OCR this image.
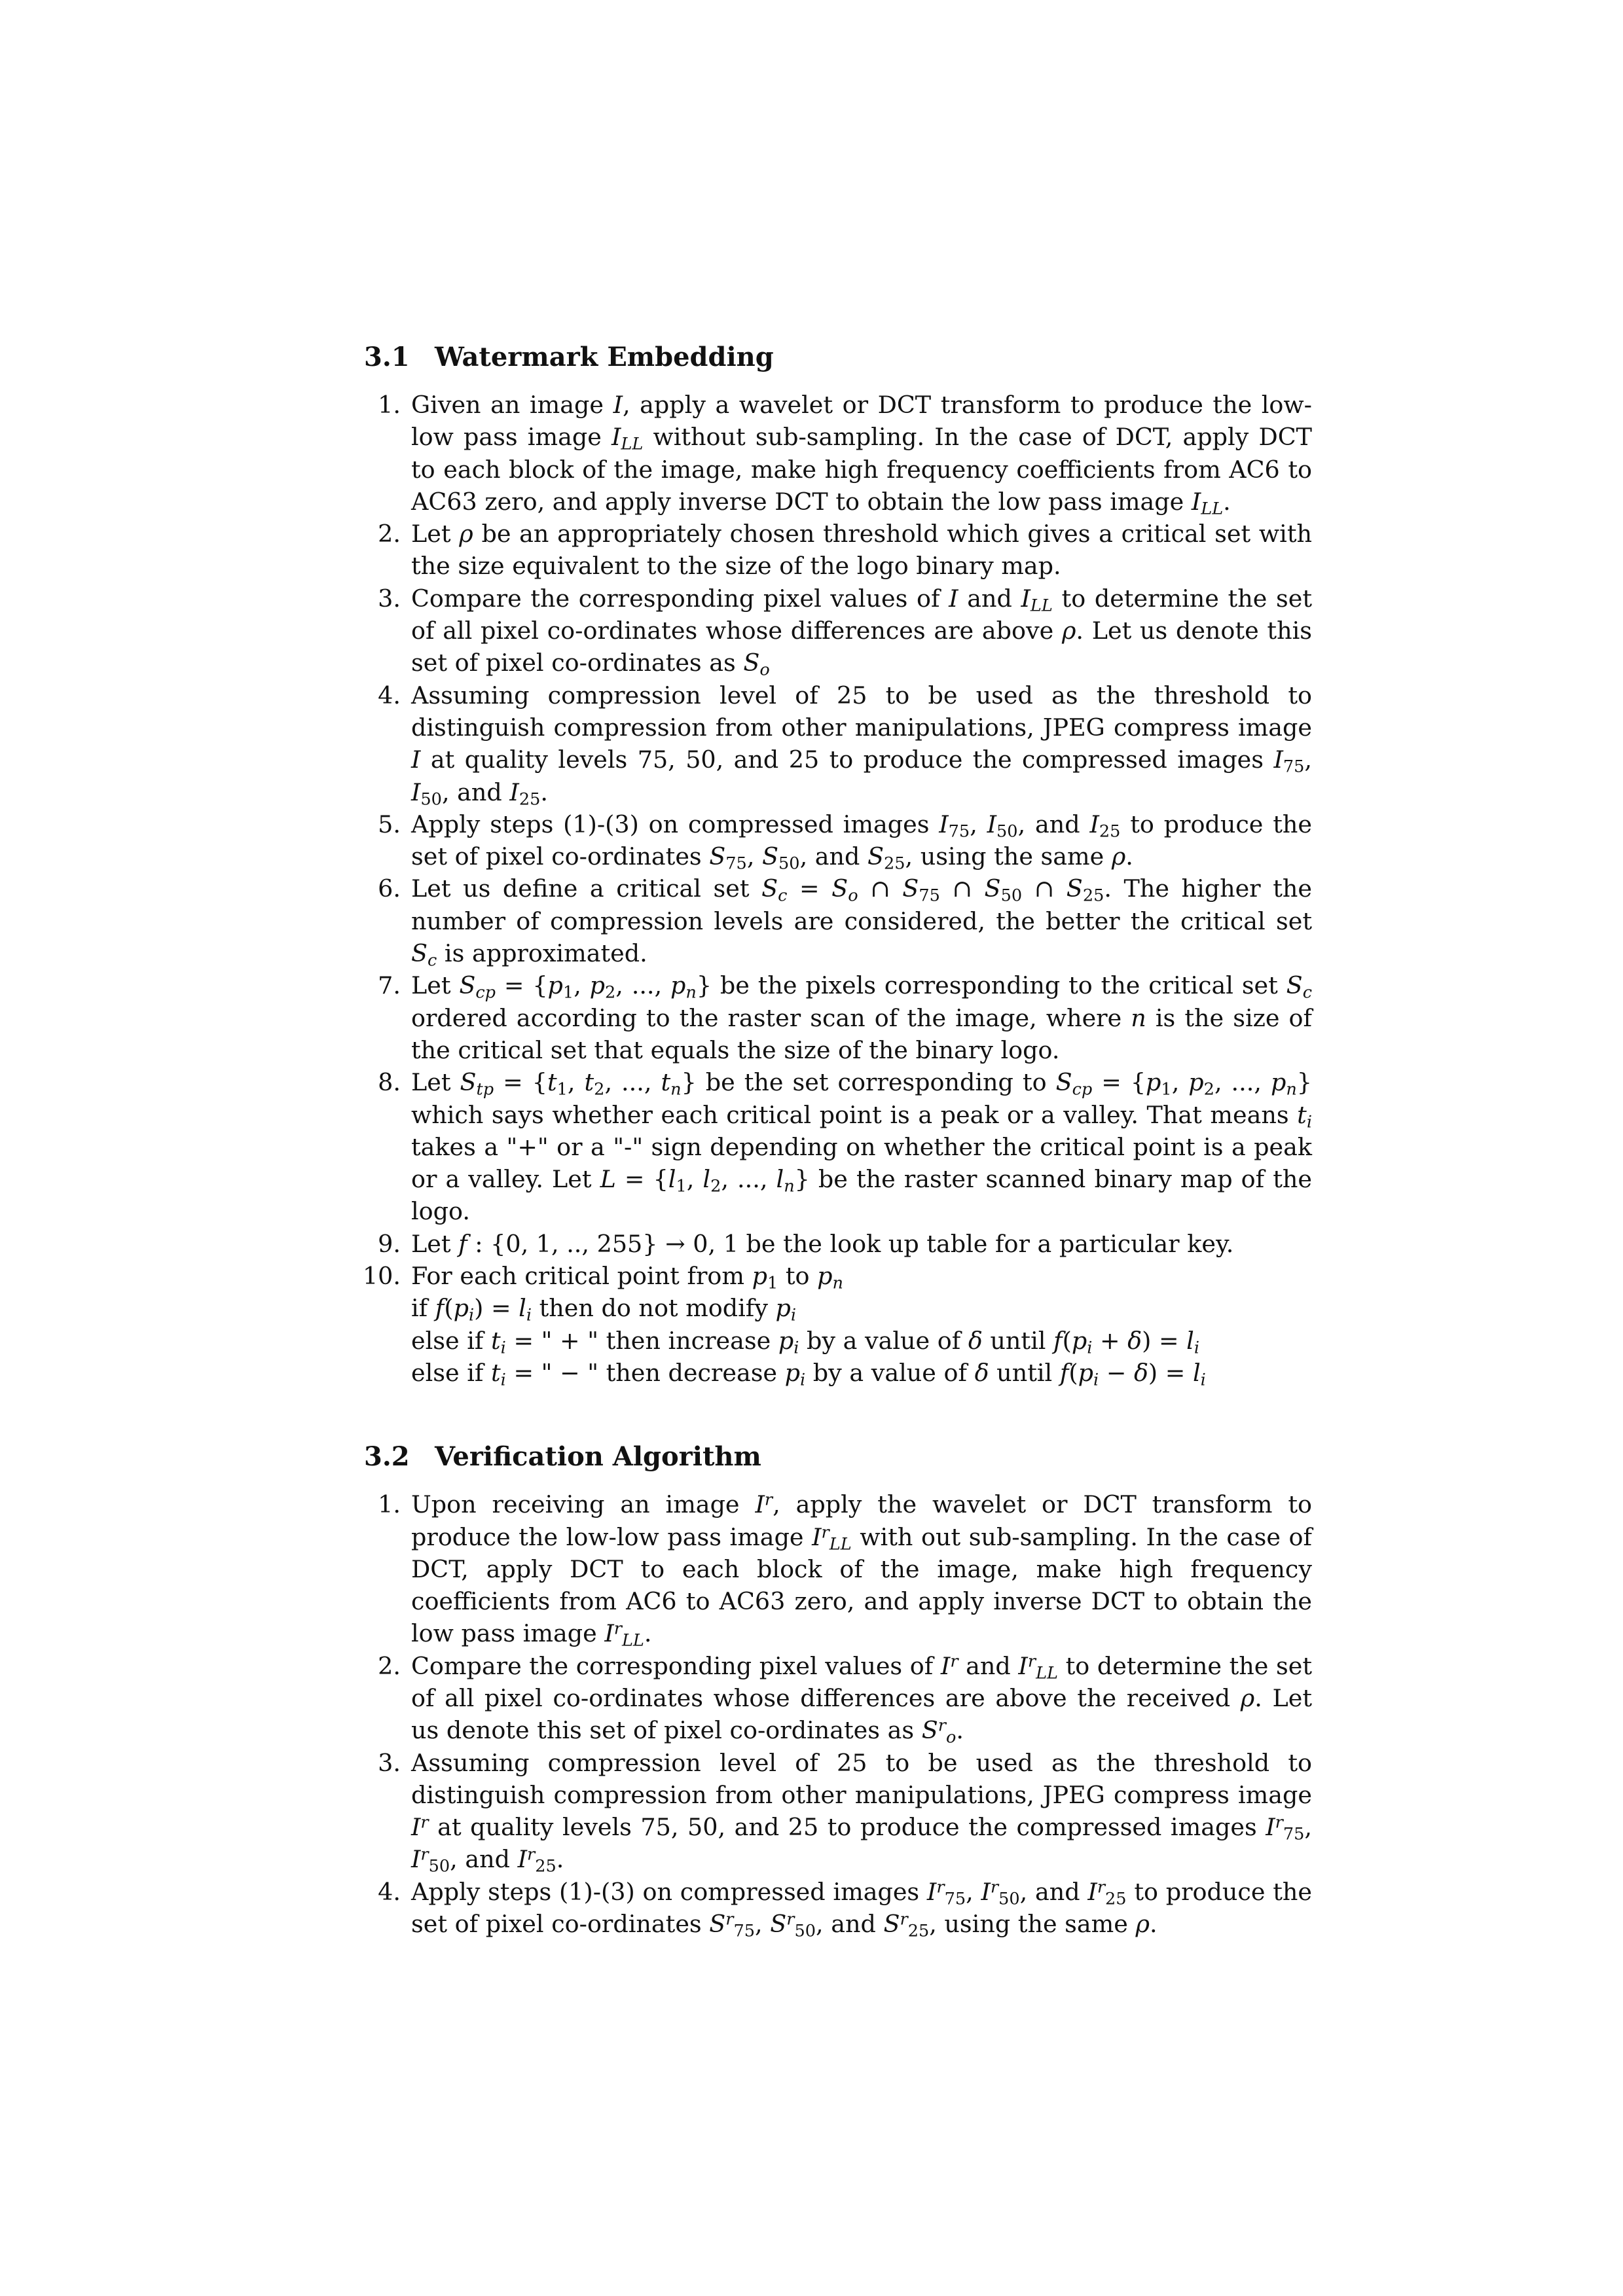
3.1 Watermark Embedding
1. Given an image I, apply a wavelet or DCT transform to produce the low-low pass image $I_{LL}$ without sub-sampling. In the case of DCT, apply DCT to each block of the image, make high frequency coefficients from AC6 to AC63 zero, and apply inverse DCT to obtain the low pass image $I_{LL}$.
2. Let ρ be an appropriately chosen threshold which gives a critical set with the size equivalent to the size of the logo binary map.
3. Compare the corresponding pixel values of I and $I_{LL}$ to determine the set of all pixel co-ordinates whose differences are above ρ. Let us denote this set of pixel co-ordinates as $S_o$
4. Assuming compression level of 25 to be used as the threshold to distinguish compression from other manipulations, JPEG compress image I at quality levels 75, 50, and 25 to produce the compressed images $I_{75}$, $I_{50}$, and $I_{25}$.
5. Apply steps (1)-(3) on compressed images $I_{75}$, $I_{50}$, and $I_{25}$ to produce the set of pixel co-ordinates $S_{75}$, $S_{50}$, and $S_{25}$, using the same ρ.
6. Let us define a critical set $S_c = S_o$ ∩ $S_{75}$ ∩ $S_{50}$ ∩ $S_{25}$. The higher the number of compression levels are considered, the better the critical set $S_c$ is approximated.
7. Let $S_{cp} = \{p_1$, $p_2$, ..., $p_n$} be the pixels corresponding to the critical set $S_c$ ordered according to the raster scan of the image, where n is the size of the critical set that equals the size of the binary logo.
8. Let $S_{tp} = \{t_1$, $t_2$, ..., $t_n$} be the set corresponding to $S_{cp} = \{p_1$, $p_2$, ..., $p_n$} which says whether each critical point is a peak or a valley. That means $t_i$ takes a "+" or a "-" sign depending on whether the critical point is a peak or a valley. Let $L = \{l_1$, $l_2$, ..., $l_n$} be the raster scanned binary map of the logo.
9. Let f : {0, 1, .., 255} → 0, 1 be the look up table for a particular key.
10. For each critical point from $p_1$ to $p_n$
if $f(p_i) = l_i$ then do not modify $p_i$
else if $t_i$ = " + " then increase $p_i$ by a value of δ until $f(p_i + \delta) = l_i$
else if $t_i$ = " − " then decrease $p_i$ by a value of δ until $f(p_i - \delta) = l_i$
3.2 Verification Algorithm
1. Upon receiving an image $I^r$, apply the wavelet or DCT transform to produce the low-low pass image $I^r_{LL}$ with out sub-sampling. In the case of DCT, apply DCT to each block of the image, make high frequency coefficients from AC6 to AC63 zero, and apply inverse DCT to obtain the low pass image $I^r_{LL}$.
2. Compare the corresponding pixel values of $I^r$ and $I^r_{LL}$ to determine the set of all pixel co-ordinates whose differences are above the received ρ. Let us denote this set of pixel co-ordinates as $S^r_o$.
3. Assuming compression level of 25 to be used as the threshold to distinguish compression from other manipulations, JPEG compress image $I^r$ at quality levels 75, 50, and 25 to produce the compressed images $I^r_{75}$, $I^r_{50}$, and $I^r_{25}$.
4. Apply steps (1)-(3) on compressed images $I^r_{75}$, $I^r_{50}$, and $I^r_{25}$ to produce the set of pixel co-ordinates $S^r_{75}$, $S^r_{50}$, and $S^r_{25}$, using the same ρ.
